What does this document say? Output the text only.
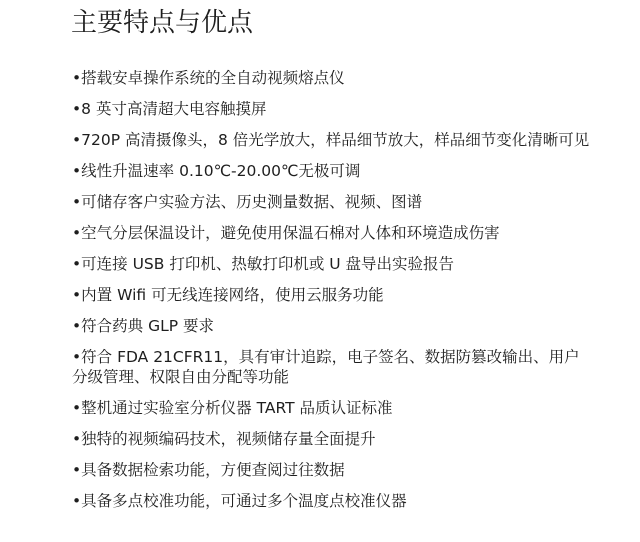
主要特点与优点
•搭载安卓操作系统的全自动视频熔点仪
•8 英寸高清超大电容触摸屏
•720P 高清摄像头，8 倍光学放大，样品细节放大，样品细节变化清晰可见
•线性升温速率 0.10℃-20.00℃无极可调
•可储存客户实验方法、历史测量数据、视频、图谱
•空气分层保温设计，避免使用保温石棉对人体和环境造成伤害
•可连接 USB 打印机、热敏打印机或 U 盘导出实验报告
•内置 Wifi 可无线连接网络，使用云服务功能
•符合药典 GLP 要求
•符合 FDA 21CFR11，具有审计追踪，电子签名、数据防篡改输出、用户分级管理、权限自由分配等功能
•整机通过实验室分析仪器 TART 品质认证标准
•独特的视频编码技术，视频储存量全面提升
•具备数据检索功能，方便查阅过往数据
•具备多点校准功能，可通过多个温度点校准仪器
